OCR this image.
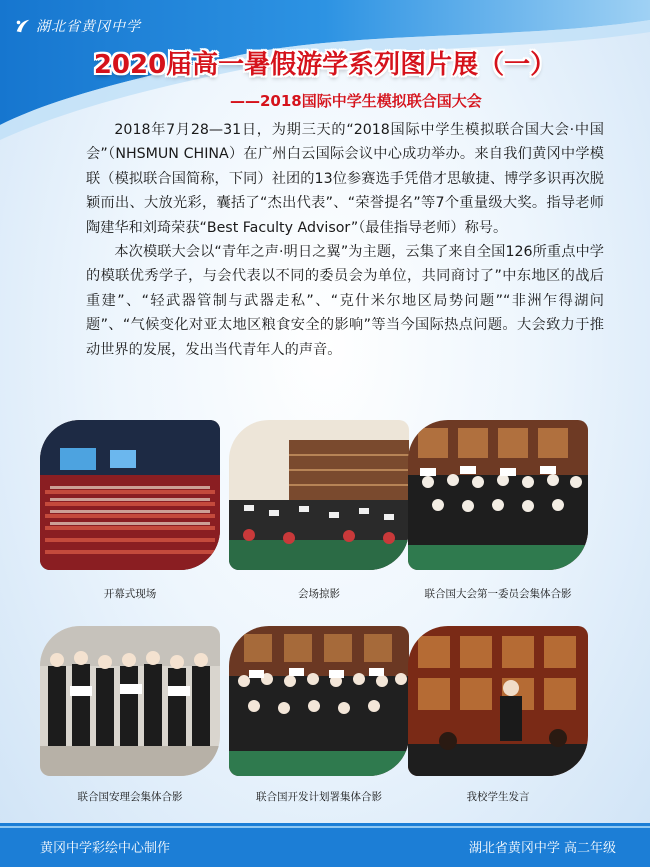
湖北省黄冈中学
2020届高一暑假游学系列图片展（一）
——2018国际中学生模拟联合国大会

2018年7月28—31日，为期三天的“2018国际中学生模拟联合国大会·中国会”（NHSMUN CHINA）在广州白云国际会议中心成功举办。来自我们黄冈中学模联（模拟联合国简称，下同）社团的13位参赛选手凭借才思敏捷、博学多识再次脱颖而出、大放光彩，囊括了“杰出代表”、“荣誉提名”等7个重量级大奖。指导老师陶建华和刘琦荣获“Best Faculty Advisor”（最佳指导老师）称号。

本次模联大会以“青年之声·明日之翼”为主题，云集了来自全国126所重点中学的模联优秀学子，与会代表以不同的委员会为单位，共同商讨了”中东地区的战后重建”、“轻武器管制与武器走私”、“克什米尔地区局势问题”“非洲乍得湖问题”、“气候变化对亚太地区粮食安全的影响”等当今国际热点问题。大会致力于推动世界的发展，发出当代青年人的声音。

开幕式现场	会场掠影	联合国大会第一委员会集体合影
联合国安理会集体合影	联合国开发计划署集体合影	我校学生发言
黄冈中学彩绘中心制作	湖北省黄冈中学 高二年级
